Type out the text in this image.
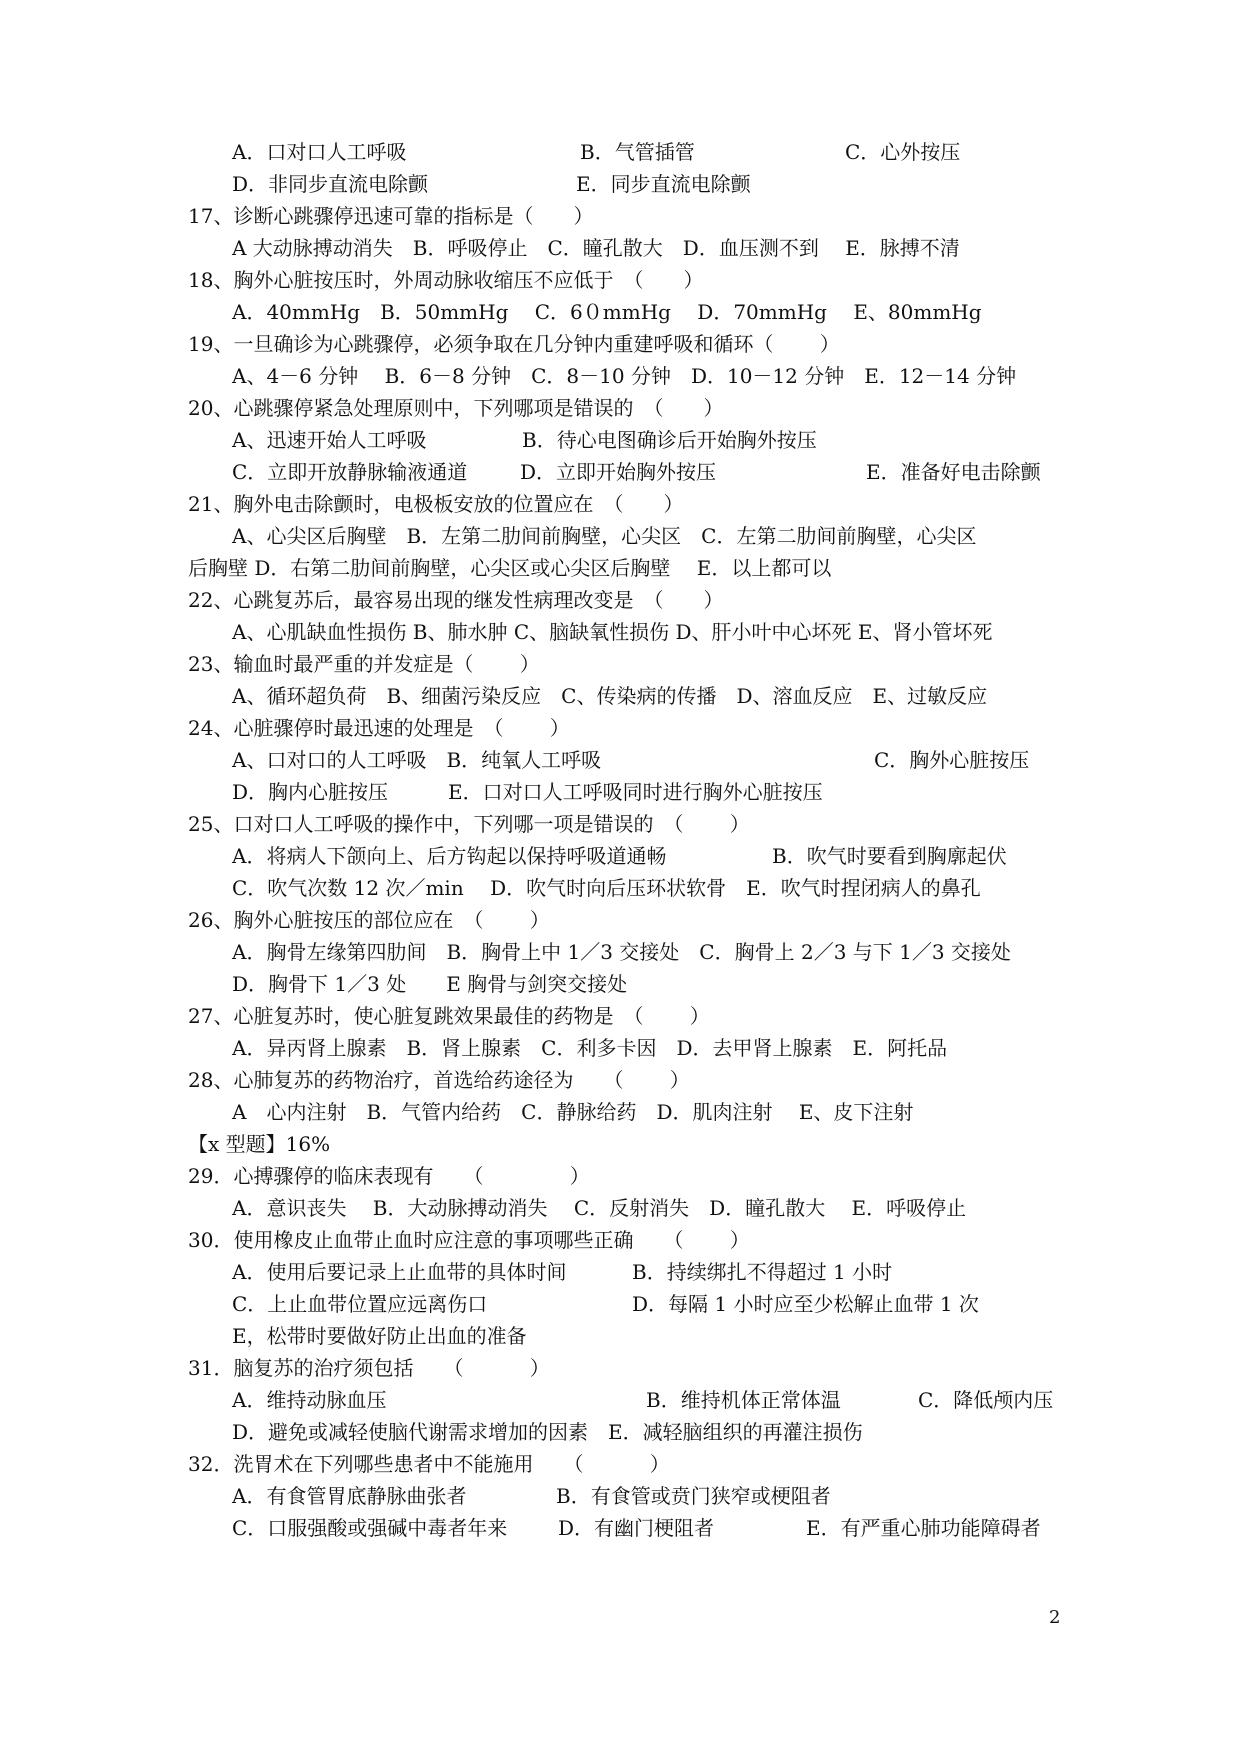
A．口对口人工呼吸	B．气管插管	C．心外按压
D．非同步直流电除颤	E．同步直流电除颤
17、诊断心跳骤停迅速可靠的指标是（　　）
A 大动脉搏动消失　B．呼吸停止　C．瞳孔散大　D．血压测不到　 E．脉搏不清
18、胸外心脏按压时，外周动脉收缩压不应低于　（　　）
A．40mmHg　B．50mmHg　 C．6０mmHg　 D．70mmHg　 E、80mmHg
19、一旦确诊为心跳骤停，必须争取在几分钟内重建呼吸和循环（　　 ）
A、4－6 分钟　 B．6－8 分钟　C．8－10 分钟　D．10－12 分钟　E．12－14 分钟
20、心跳骤停紧急处理原则中，下列哪项是错误的　（　　）
A、迅速开始人工呼吸	B．待心电图确诊后开始胸外按压
C．立即开放静脉输液通道	D．立即开始胸外按压	E．准备好电击除颤
21、胸外电击除颤时，电极板安放的位置应在　（　　）
A、心尖区后胸壁　B．左第二肋间前胸壁，心尖区　C．左第二肋间前胸壁，心尖区
后胸壁 D．右第二肋间前胸壁，心尖区或心尖区后胸壁　 E．以上都可以
22、心跳复苏后，最容易出现的继发性病理改变是　（　　）
A、心肌缺血性损伤 B、肺水肿 C、脑缺氧性损伤 D、肝小叶中心坏死 E、肾小管坏死
23、输血时最严重的并发症是（　　 ）
A、循环超负荷　B、细菌污染反应　C、传染病的传播　D、溶血反应　E、过敏反应
24、心脏骤停时最迅速的处理是　（　　 ）
A、口对口的人工呼吸　B．纯氧人工呼吸	C．胸外心脏按压
D．胸内心脏按压　　　E．口对口人工呼吸同时进行胸外心脏按压
25、口对口人工呼吸的操作中，下列哪一项是错误的　（　　 ）
A．将病人下颌向上、后方钩起以保持呼吸道通畅	B．吹气时要看到胸廓起伏
C．吹气次数 12 次／min　 D．吹气时向后压环状软骨　E．吹气时捏闭病人的鼻孔
26、胸外心脏按压的部位应在　（　　 ）
A．胸骨左缘第四肋间　B．胸骨上中 1／3 交接处　C．胸骨上 2／3 与下 1／3 交接处
D．胸骨下 1／3 处　　E 胸骨与剑突交接处
27、心脏复苏时，使心脏复跳效果最佳的药物是　（　　 ）
A．异丙肾上腺素　B．肾上腺素　C．利多卡因　D．去甲肾上腺素　E．阿托品
28、心肺复苏的药物治疗，首选给药途径为　　（　　 ）
A　心内注射　B．气管内给药　C．静脉给药　D．肌肉注射　 E、皮下注射
【x 型题】16%
29．心搏骤停的临床表现有　　（　　　　 ）
A．意识丧失　 B．大动脉搏动消失　 C．反射消失　D．瞳孔散大　 E．呼吸停止
30．使用橡皮止血带止血时应注意的事项哪些正确　　（　　 ）
A．使用后要记录上止血带的具体时间	B．持续绑扎不得超过 1 小时
C．上止血带位置应远离伤口	D．每隔 1 小时应至少松解止血带 1 次
E，松带时要做好防止出血的准备
31．脑复苏的治疗须包括　　（　　　 ）
A．维持动脉血压	B．维持机体正常体温	C．降低颅内压
D．避免或减轻使脑代谢需求增加的因素　E．减轻脑组织的再灌注损伤
32．洗胃术在下列哪些患者中不能施用　　（　　　 ）
A．有食管胃底静脉曲张者	B．有食管或贲门狭窄或梗阻者
C．口服强酸或强碱中毒者年来	D．有幽门梗阻者	E．有严重心肺功能障碍者
2
